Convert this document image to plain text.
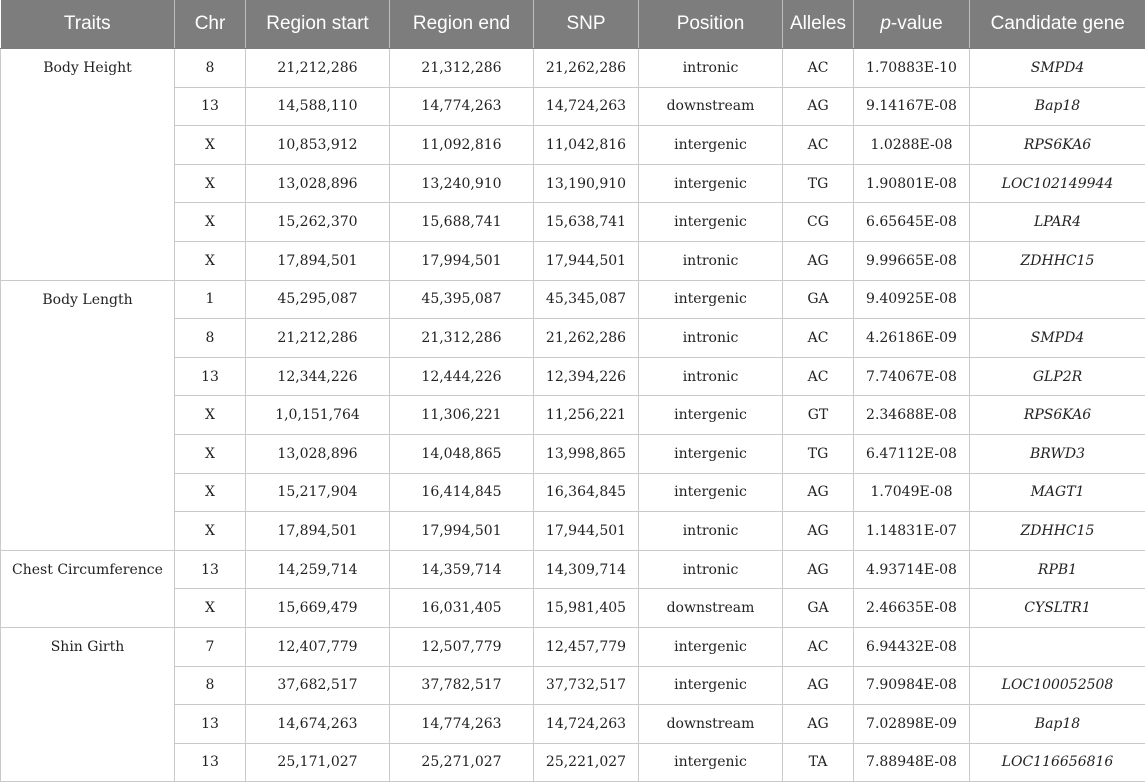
Traits	Chr	Region start	Region end	SNP	Position	Alleles	p-value	Candidate gene
Body Height	8	21,212,286	21,312,286	21,262,286	intronic	AC	1.70883E-10	SMPD4
	13	14,588,110	14,774,263	14,724,263	downstream	AG	9.14167E-08	Bap18
	X	10,853,912	11,092,816	11,042,816	intergenic	AC	1.0288E-08	RPS6KA6
	X	13,028,896	13,240,910	13,190,910	intergenic	TG	1.90801E-08	LOC102149944
	X	15,262,370	15,688,741	15,638,741	intergenic	CG	6.65645E-08	LPAR4
	X	17,894,501	17,994,501	17,944,501	intronic	AG	9.99665E-08	ZDHHC15
Body Length	1	45,295,087	45,395,087	45,345,087	intergenic	GA	9.40925E-08	
	8	21,212,286	21,312,286	21,262,286	intronic	AC	4.26186E-09	SMPD4
	13	12,344,226	12,444,226	12,394,226	intronic	AC	7.74067E-08	GLP2R
	X	1,0,151,764	11,306,221	11,256,221	intergenic	GT	2.34688E-08	RPS6KA6
	X	13,028,896	14,048,865	13,998,865	intergenic	TG	6.47112E-08	BRWD3
	X	15,217,904	16,414,845	16,364,845	intergenic	AG	1.7049E-08	MAGT1
	X	17,894,501	17,994,501	17,944,501	intronic	AG	1.14831E-07	ZDHHC15
Chest Circumference	13	14,259,714	14,359,714	14,309,714	intronic	AG	4.93714E-08	RPB1
	X	15,669,479	16,031,405	15,981,405	downstream	GA	2.46635E-08	CYSLTR1
Shin Girth	7	12,407,779	12,507,779	12,457,779	intergenic	AC	6.94432E-08	
	8	37,682,517	37,782,517	37,732,517	intergenic	AG	7.90984E-08	LOC100052508
	13	14,674,263	14,774,263	14,724,263	downstream	AG	7.02898E-09	Bap18
	13	25,171,027	25,271,027	25,221,027	intergenic	TA	7.88948E-08	LOC116656816
